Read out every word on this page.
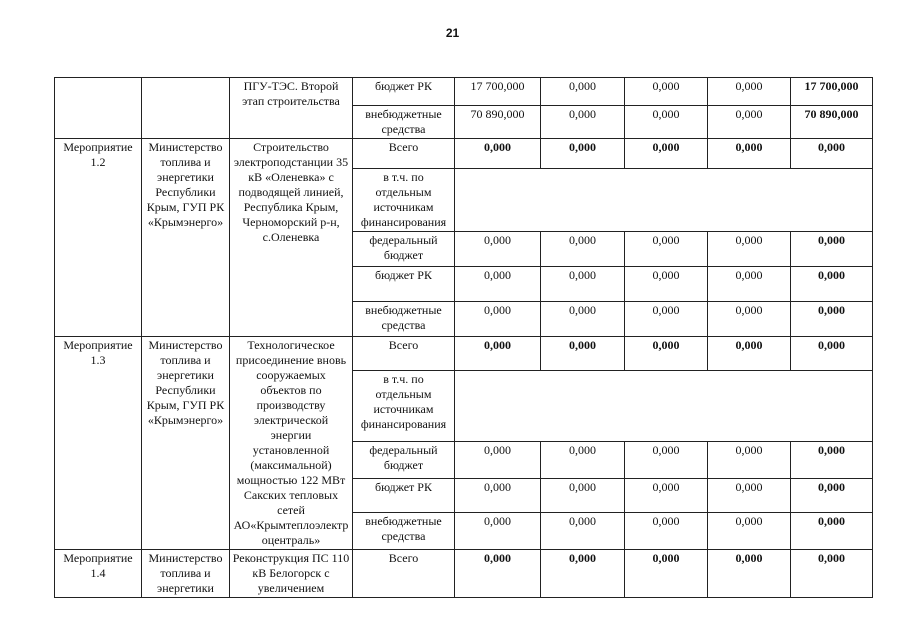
21
		ПГУ-ТЭС. Второй этап строительства	бюджет РК	17 700,000	0,000	0,000	0,000	17 700,000
			внебюджетные средства	70 890,000	0,000	0,000	0,000	70 890,000
Мероприятие 1.2	Министерство топлива и энергетики Республики Крым, ГУП РК «Крымэнерго»	Строительство электроподстанции 35 кВ «Оленевка» с подводящей линией, Республика Крым, Черноморский р-н, с.Оленевка	Всего	0,000	0,000	0,000	0,000	0,000
			в т.ч. по отдельным источникам финансирования					
			федеральный бюджет	0,000	0,000	0,000	0,000	0,000
			бюджет РК	0,000	0,000	0,000	0,000	0,000
			внебюджетные средства	0,000	0,000	0,000	0,000	0,000
Мероприятие 1.3	Министерство топлива и энергетики Республики Крым, ГУП РК «Крымэнерго»	Технологическое присоединение вновь сооружаемых объектов по производству электрической энергии установленной (максимальной) мощностью 122 МВт Сакских тепловых сетей АО«Крымтеплоэлектроцентраль»	Всего	0,000	0,000	0,000	0,000	0,000
			в т.ч. по отдельным источникам финансирования					
			федеральный бюджет	0,000	0,000	0,000	0,000	0,000
			бюджет РК	0,000	0,000	0,000	0,000	0,000
			внебюджетные средства	0,000	0,000	0,000	0,000	0,000
Мероприятие 1.4	Министерство топлива и энергетики	Реконструкция ПС 110 кВ Белогорск с увеличением	Всего	0,000	0,000	0,000	0,000	0,000
